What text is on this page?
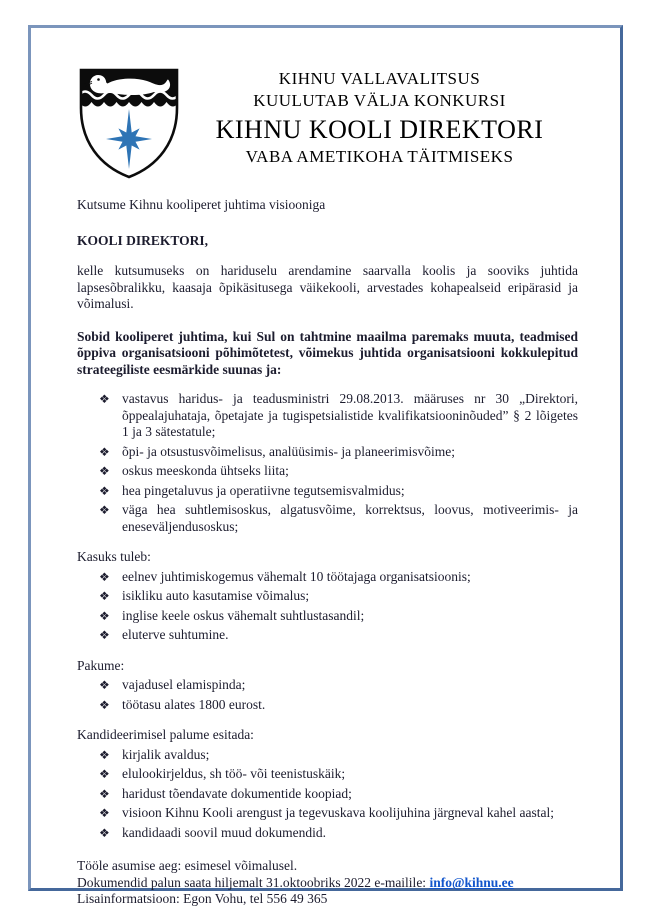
KIHNU VALLAVALITSUS
KUULUTAB VÄLJA KONKURSI
KIHNU KOOLI DIREKTORI
VABA AMETIKOHA TÄITMISEKS

Kutsume Kihnu kooliperet juhtima visiooniga

KOOLI DIREKTORI,

kelle kutsumuseks on hariduselu arendamine saarvalla koolis ja sooviks juhtida lapsesõbralikku, kaasaja õpikäsitusega väikekooli, arvestades kohapealseid eripärasid ja võimalusi.

Sobid kooliperet juhtima, kui Sul on tahtmine maailma paremaks muuta, teadmised õppiva organisatsiooni põhimõtetest, võimekus juhtida organisatsiooni kokkulepitud strateegiliste eesmärkide suunas ja:

❖ vastavus haridus- ja teadusministri 29.08.2013. määruses nr 30 „Direktori, õppealajuhataja, õpetajate ja tugispetsialistide kvalifikatsiooninõuded” § 2 lõigetes 1 ja 3 sätestatule;
❖ õpi- ja otsustusvõimelisus, analüüsimis- ja planeerimisvõime;
❖ oskus meeskonda ühtseks liita;
❖ hea pingetaluvus ja operatiivne tegutsemisvalmidus;
❖ väga hea suhtlemisoskus, algatusvõime, korrektsus, loovus, motiveerimis- ja eneseväljendusoskus;

Kasuks tuleb:

❖ eelnev juhtimiskogemus vähemalt 10 töötajaga organisatsioonis;
❖ isikliku auto kasutamise võimalus;
❖ inglise keele oskus vähemalt suhtlustasandil;
❖ eluterve suhtumine.

Pakume:

❖ vajadusel elamispinda;
❖ töötasu alates 1800 eurost.

Kandideerimisel palume esitada:

❖ kirjalik avaldus;
❖ elulookirjeldus, sh töö- või teenistuskäik;
❖ haridust tõendavate dokumentide koopiad;
❖ visioon Kihnu Kooli arengust ja tegevuskava koolijuhina järgneval kahel aastal;
❖ kandidaadi soovil muud dokumendid.

Tööle asumise aeg: esimesel võimalusel.

Dokumendid palun saata hiljemalt 31.oktoobriks 2022 e-mailile: info@kihnu.ee

Lisainformatsioon: Egon Vohu, tel 556 49 365
